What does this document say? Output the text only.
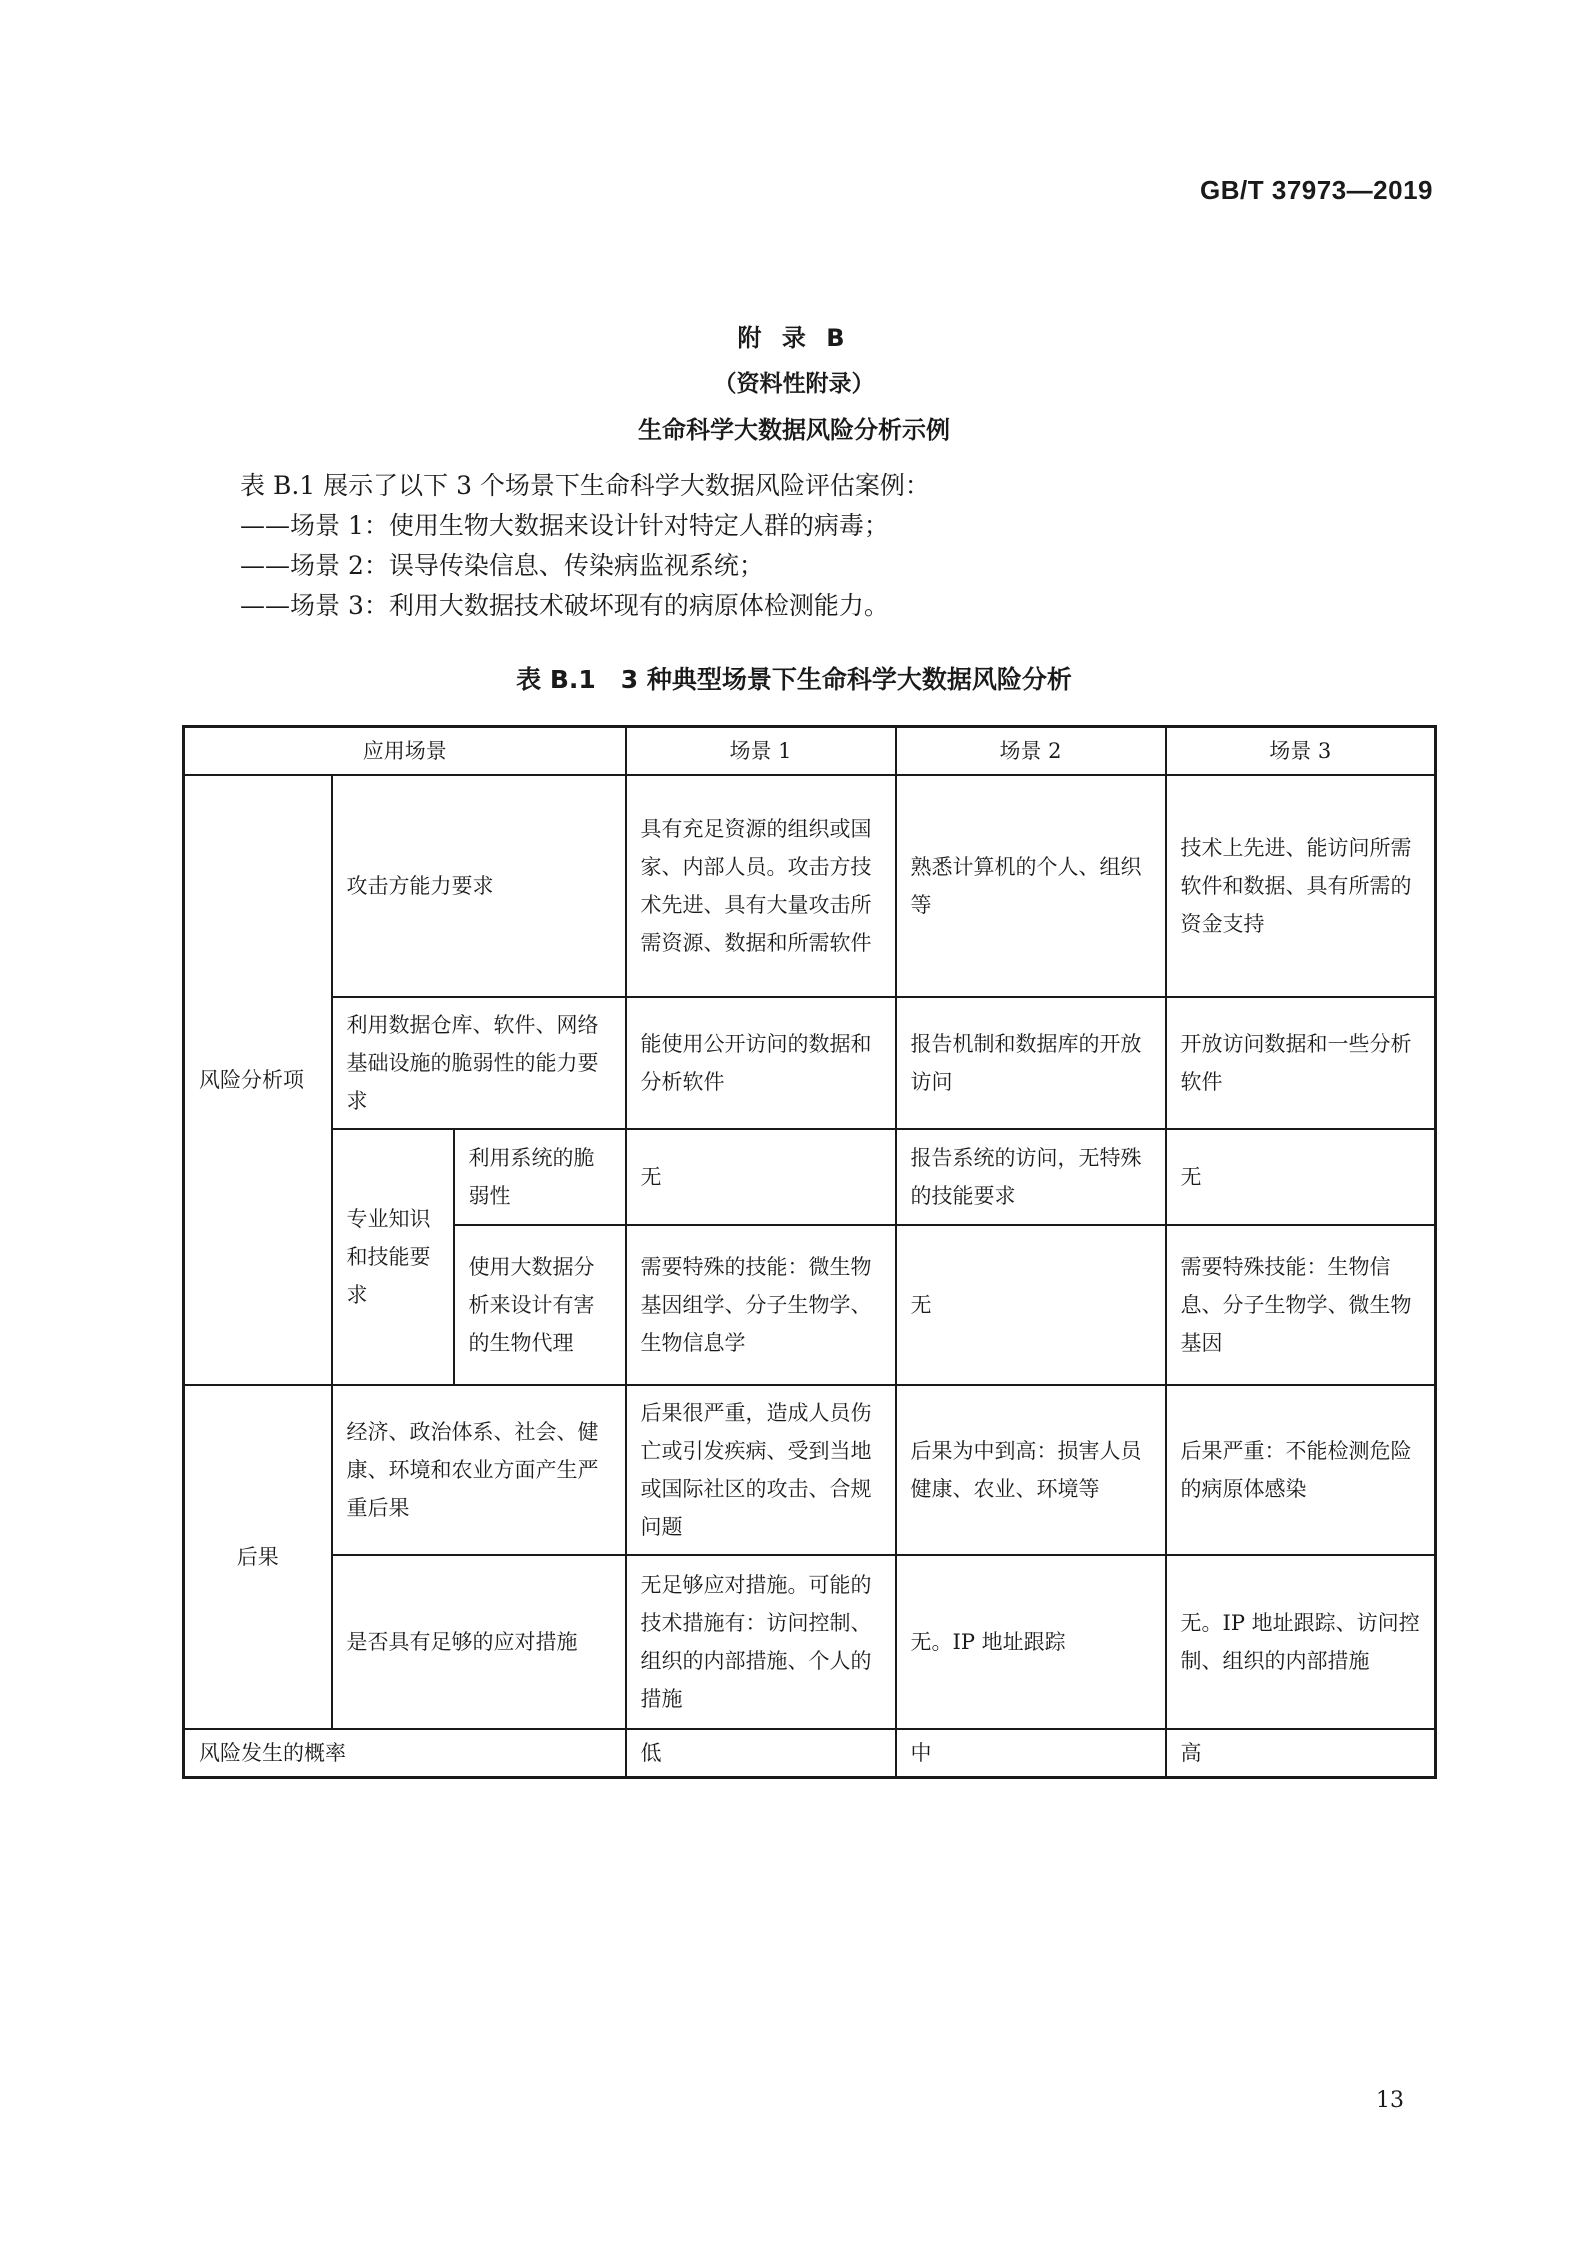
GB/T 37973—2019
附 录 B
（资料性附录）
生命科学大数据风险分析示例
表 B.1 展示了以下 3 个场景下生命科学大数据风险评估案例：
——场景 1：使用生物大数据来设计针对特定人群的病毒；
——场景 2：误导传染信息、传染病监视系统；
——场景 3：利用大数据技术破坏现有的病原体检测能力。
表 B.1　3 种典型场景下生命科学大数据风险分析
应用场景			场景 1	场景 2	场景 3
风险分析项	攻击方能力要求		具有充足资源的组织或国家、内部人员。攻击方技术先进、具有大量攻击所需资源、数据和所需软件	熟悉计算机的个人、组织等	技术上先进、能访问所需软件和数据、具有所需的资金支持
	利用数据仓库、软件、网络基础设施的脆弱性的能力要求		能使用公开访问的数据和分析软件	报告机制和数据库的开放访问	开放访问数据和一些分析软件
	专业知识和技能要求	利用系统的脆弱性	无	报告系统的访问，无特殊的技能要求	无
		使用大数据分析来设计有害的生物代理	需要特殊的技能：微生物基因组学、分子生物学、生物信息学	无	需要特殊技能：生物信息、分子生物学、微生物基因
后果	经济、政治体系、社会、健康、环境和农业方面产生严重后果		后果很严重，造成人员伤亡或引发疾病、受到当地或国际社区的攻击、合规问题	后果为中到高：损害人员健康、农业、环境等	后果严重：不能检测危险的病原体感染
	是否具有足够的应对措施		无足够应对措施。可能的技术措施有：访问控制、组织的内部措施、个人的措施	无。IP 地址跟踪	无。IP 地址跟踪、访问控制、组织的内部措施
风险发生的概率			低	中	高
13
